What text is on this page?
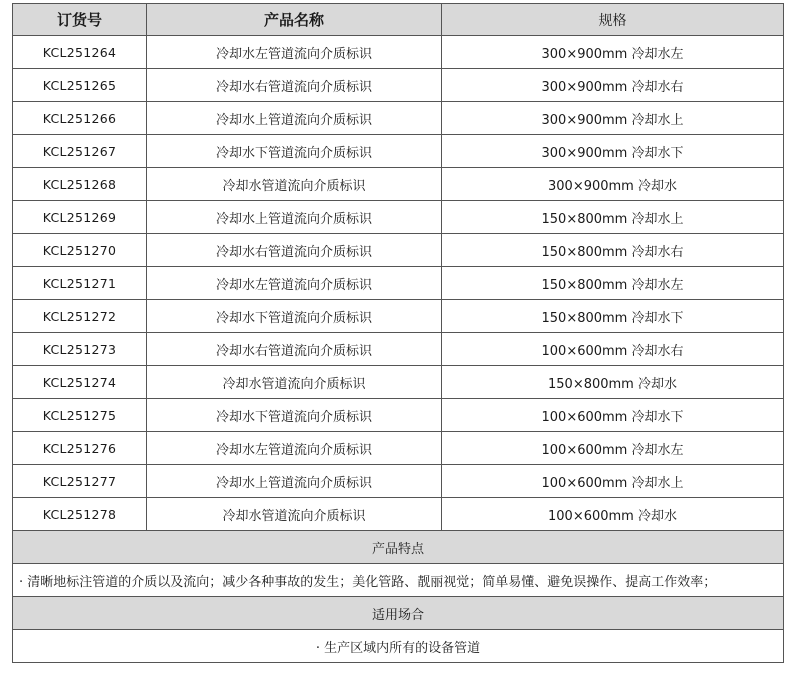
订货号	产品名称	规格
KCL251264	冷却水左管道流向介质标识	300×900mm 冷却水左
KCL251265	冷却水右管道流向介质标识	300×900mm 冷却水右
KCL251266	冷却水上管道流向介质标识	300×900mm 冷却水上
KCL251267	冷却水下管道流向介质标识	300×900mm 冷却水下
KCL251268	冷却水管道流向介质标识	300×900mm 冷却水
KCL251269	冷却水上管道流向介质标识	150×800mm 冷却水上
KCL251270	冷却水右管道流向介质标识	150×800mm 冷却水右
KCL251271	冷却水左管道流向介质标识	150×800mm 冷却水左
KCL251272	冷却水下管道流向介质标识	150×800mm 冷却水下
KCL251273	冷却水右管道流向介质标识	100×600mm 冷却水右
KCL251274	冷却水管道流向介质标识	150×800mm 冷却水
KCL251275	冷却水下管道流向介质标识	100×600mm 冷却水下
KCL251276	冷却水左管道流向介质标识	100×600mm 冷却水左
KCL251277	冷却水上管道流向介质标识	100×600mm 冷却水上
KCL251278	冷却水管道流向介质标识	100×600mm 冷却水
产品特点		
· 清晰地标注管道的介质以及流向；减少各种事故的发生；美化管路、靓丽视觉；简单易懂、避免误操作、提高工作效率；		
适用场合		
· 生产区域内所有的设备管道		
